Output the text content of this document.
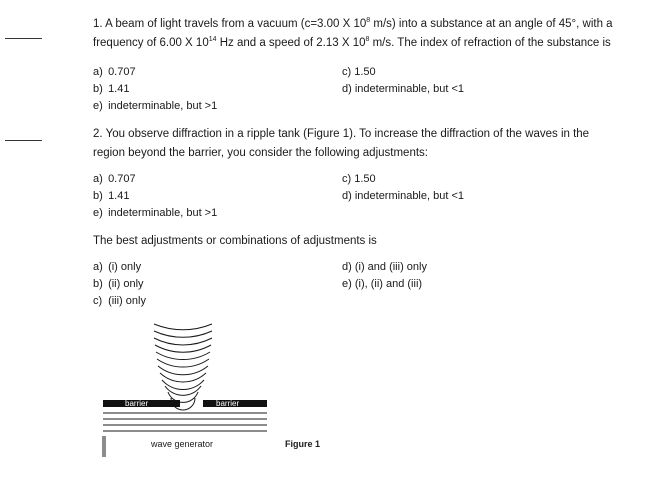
1. A beam of light travels from a vacuum (c=3.00 X $10^8$ m/s) into a substance at an angle of 45°, with a
frequency of 6.00 X $10^{14}$ Hz and a speed of 2.13 X $10^8$ m/s. The index of refraction of the substance is
a) 0.707
b) 1.41
e) indeterminable, but >1
c) 1.50
d) indeterminable, but <1
2. You observe diffraction in a ripple tank (Figure 1). To increase the diffraction of the waves in the
region beyond the barrier, you consider the following adjustments:
a) 0.707
b) 1.41
e) indeterminable, but >1
c) 1.50
d) indeterminable, but <1
The best adjustments or combinations of adjustments is
a) (i) only
b) (ii) only
c) (iii) only
d) (i) and (iii) only
e) (i), (ii) and (iii)
barrier	barrier
wave generator	Figure 1
